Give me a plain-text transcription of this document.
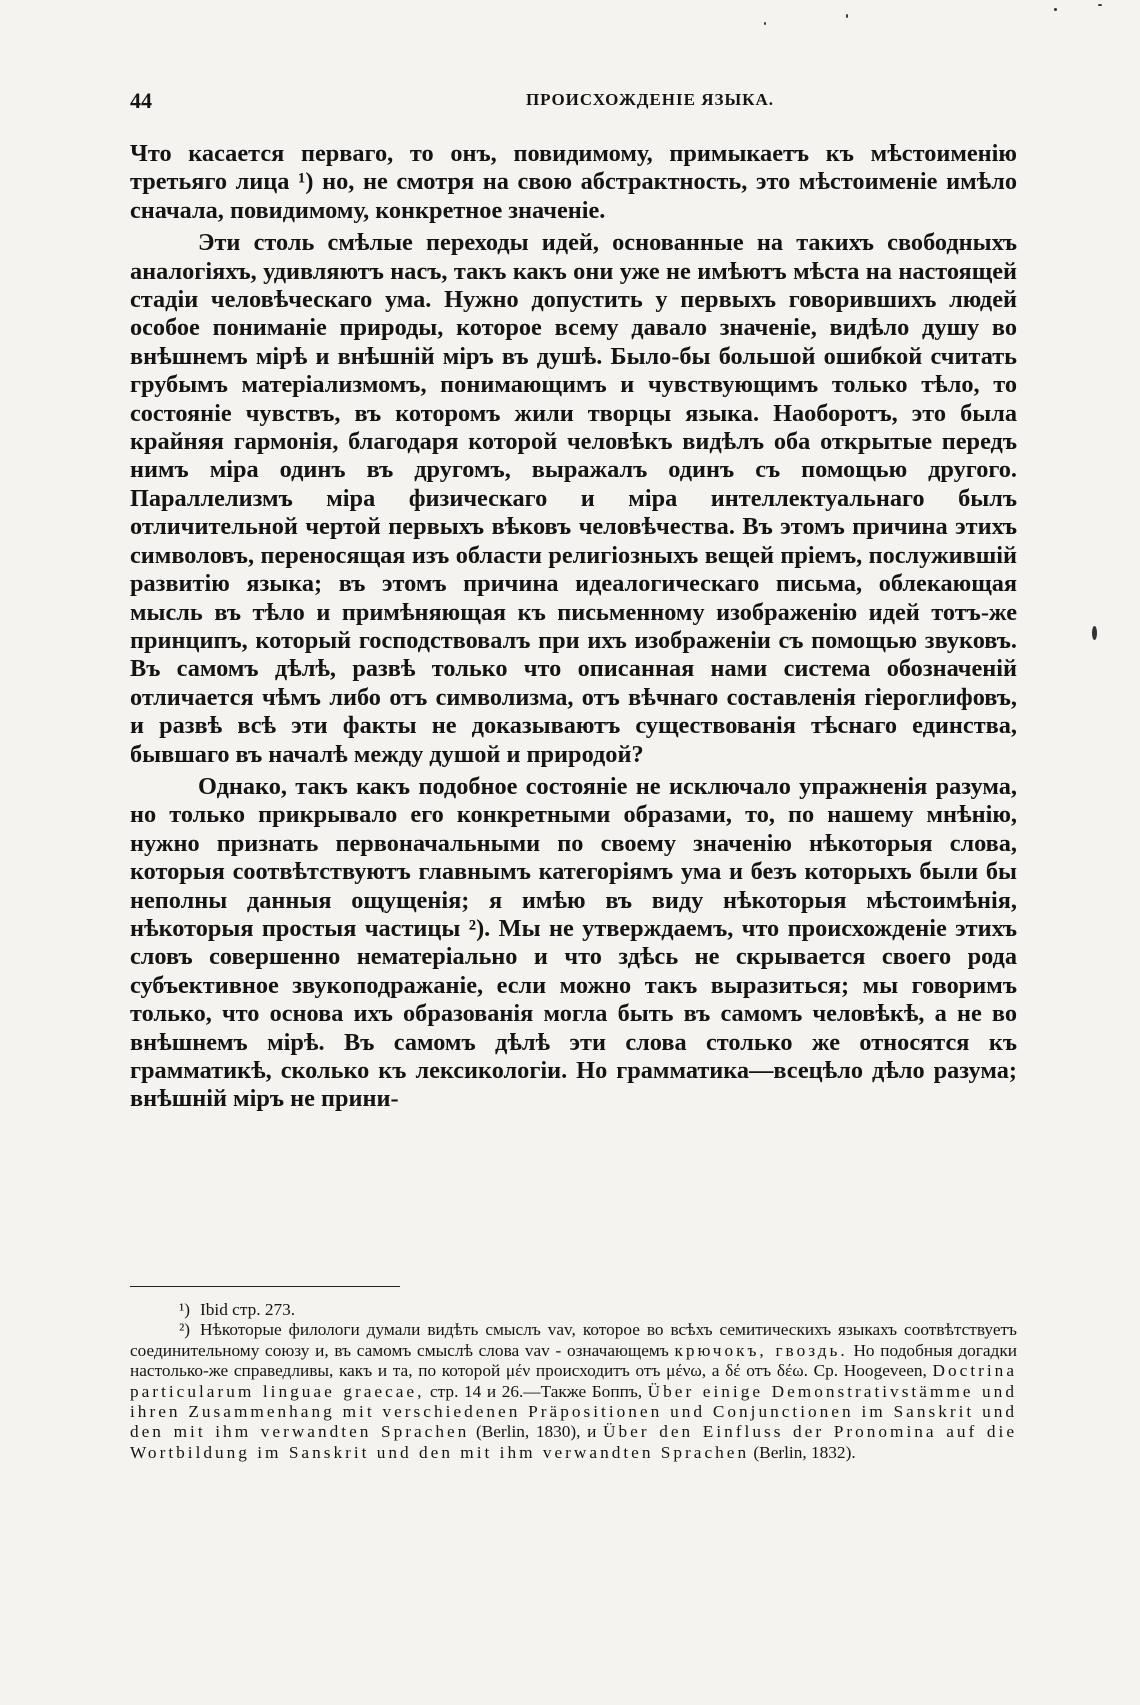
44	ПРОИСХОЖДЕНІЕ ЯЗЫКА.

Что касается перваго, то онъ, повидимому, примыкаетъ къ мѣстоименію третьяго лица ¹) но, не смотря на свою абстрактность, это мѣстоименіе имѣло сначала, повидимому, конкретное значеніе.

Эти столь смѣлые переходы идей, основанные на такихъ свободныхъ аналогіяхъ, удивляютъ насъ, такъ какъ они уже не имѣютъ мѣста на настоящей стадіи человѣческаго ума. Нужно допустить у первыхъ говорившихъ людей особое пониманіе природы, которое всему давало значеніе, видѣло душу во внѣшнемъ мірѣ и внѣшній міръ въ душѣ. Было-бы большой ошибкой считать грубымъ матеріализмомъ, понимающимъ и чувствующимъ только тѣло, то состояніе чувствъ, въ которомъ жили творцы языка. Наоборотъ, это была крайняя гармонія, благодаря которой человѣкъ видѣлъ оба открытые передъ нимъ міра одинъ въ другомъ, выражалъ одинъ съ помощью другого. Параллелизмъ міра физическаго и міра интеллектуальнаго былъ отличительной чертой первыхъ вѣковъ человѣчества. Въ этомъ причина этихъ символовъ, переносящая изъ области религіозныхъ вещей пріемъ, послужившій развитію языка; въ этомъ причина идеалогическаго письма, облекающая мысль въ тѣло и примѣняющая къ письменному изображенію идей тотъ-же принципъ, который господствовалъ при ихъ изображеніи съ помощью звуковъ. Въ самомъ дѣлѣ, развѣ только что описанная нами система обозначеній отличается чѣмъ либо отъ символизма, отъ вѣчнаго составленія гіероглифовъ, и развѣ всѣ эти факты не доказываютъ существованія тѣснаго единства, бывшаго въ началѣ между душой и природой?

Однако, такъ какъ подобное состояніе не исключало упражненія разума, но только прикрывало его конкретными образами, то, по нашему мнѣнію, нужно признать первоначальными по своему значенію нѣкоторыя слова, которыя соотвѣтствуютъ главнымъ категоріямъ ума и безъ которыхъ были бы неполны данныя ощущенія; я имѣю въ виду нѣкоторыя мѣстоимѣнія, нѣкоторыя простыя частицы ²). Мы не утверждаемъ, что происхожденіе этихъ словъ совершенно нематеріально и что здѣсь не скрывается своего рода субъективное звукоподражаніе, если можно такъ выразиться; мы говоримъ только, что основа ихъ образованія могла быть въ самомъ человѣкѣ, а не во внѣшнемъ мірѣ. Въ самомъ дѣлѣ эти слова столько же относятся къ грамматикѣ, сколько къ лексикологіи. Но грамматика—всецѣло дѣло разума; внѣшній міръ не прини-

¹) Ibid стр. 273.

²) Нѣкоторые филологи думали видѣть смыслъ vav, которое во всѣхъ семитическихъ языкахъ соотвѣтствуетъ соединительному союзу и, въ самомъ смыслѣ слова vav - означающемъ крючокъ, гвоздь. Но подобныя догадки настолько-же справедливы, какъ и та, по которой μέν происходитъ отъ μένω, а δέ отъ δέω. Ср. Hoogeveen, Doctrina particularum linguae graecae, стр. 14 и 26.—Также Боппъ, Über einige Demonstrativstämme und ihren Zusammenhang mit verschiedenen Präpositionen und Conjunctionen im Sanskrit und den mit ihm verwandten Sprachen (Berlin, 1830), и Über den Einfluss der Pronomina auf die Wortbildung im Sanskrit und den mit ihm verwandten Sprachen (Berlin, 1832).
